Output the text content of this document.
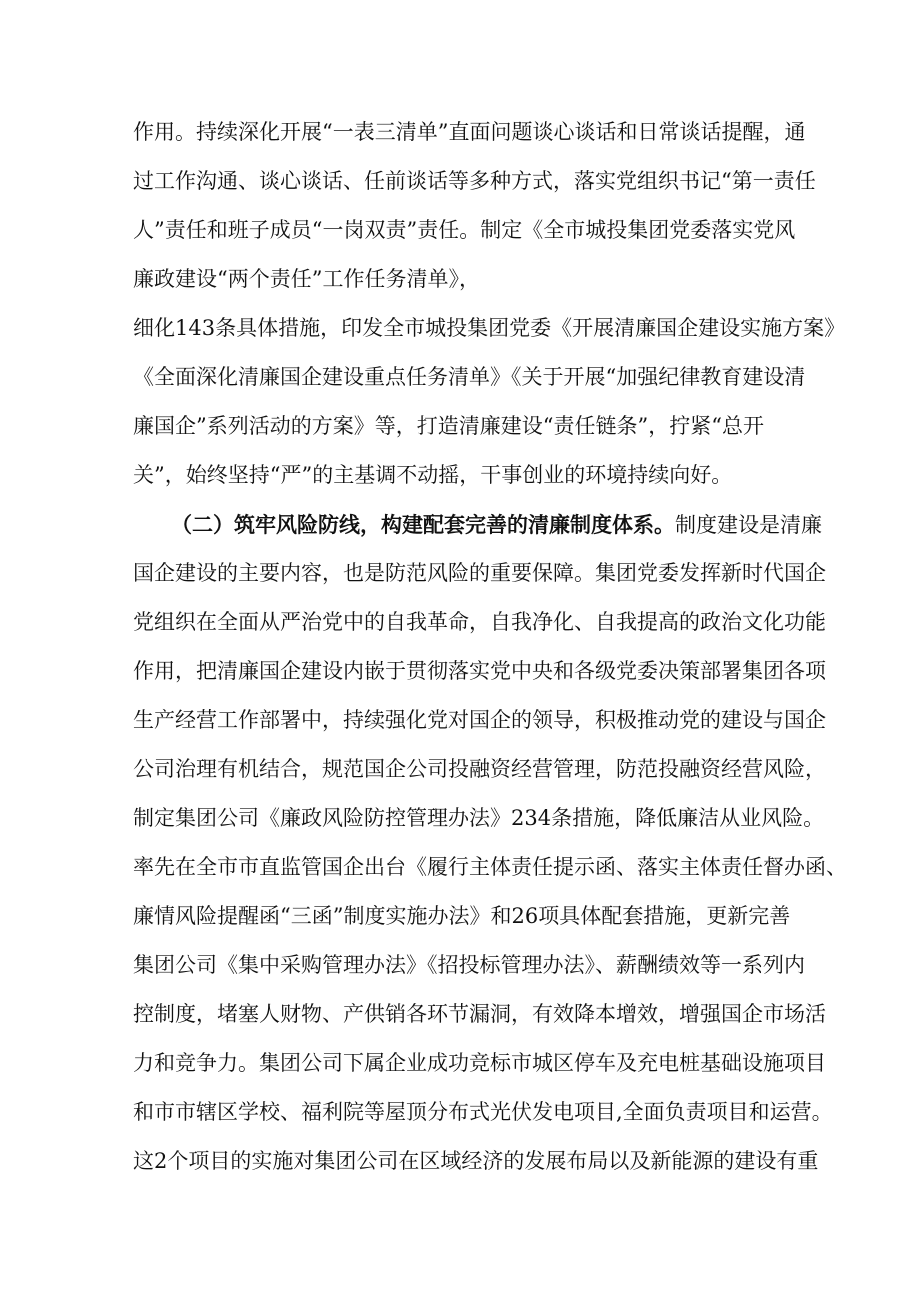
作用。持续深化开展“一表三清单”直面问题谈心谈话和日常谈话提醒，通
过工作沟通、谈心谈话、任前谈话等多种方式，落实党组织书记“第一责任
人”责任和班子成员“一岗双责”责任。制定《全市城投集团党委落实党风
廉政建设“两个责任”工作任务清单》，
细化143条具体措施，印发全市城投集团党委《开展清廉国企建设实施方案》
《全面深化清廉国企建设重点任务清单》《关于开展“加强纪律教育建设清
廉国企”系列活动的方案》等，打造清廉建设“责任链条”，拧紧“总开
关”，始终坚持“严”的主基调不动摇，干事创业的环境持续向好。
（二）筑牢风险防线，构建配套完善的清廉制度体系。制度建设是清廉
国企建设的主要内容，也是防范风险的重要保障。集团党委发挥新时代国企
党组织在全面从严治党中的自我革命，自我净化、自我提高的政治文化功能
作用，把清廉国企建设内嵌于贯彻落实党中央和各级党委决策部署集团各项
生产经营工作部署中，持续强化党对国企的领导，积极推动党的建设与国企
公司治理有机结合，规范国企公司投融资经营管理，防范投融资经营风险，
制定集团公司《廉政风险防控管理办法》234条措施，降低廉洁从业风险。
率先在全市市直监管国企出台《履行主体责任提示函、落实主体责任督办函、
廉情风险提醒函“三函”制度实施办法》和26项具体配套措施，更新完善
集团公司《集中采购管理办法》《招投标管理办法》、薪酬绩效等一系列内
控制度，堵塞人财物、产供销各环节漏洞，有效降本增效，增强国企市场活
力和竞争力。集团公司下属企业成功竞标市城区停车及充电桩基础设施项目
和市市辖区学校、福利院等屋顶分布式光伏发电项目,全面负责项目和运营。
这2个项目的实施对集团公司在区域经济的发展布局以及新能源的建设有重
